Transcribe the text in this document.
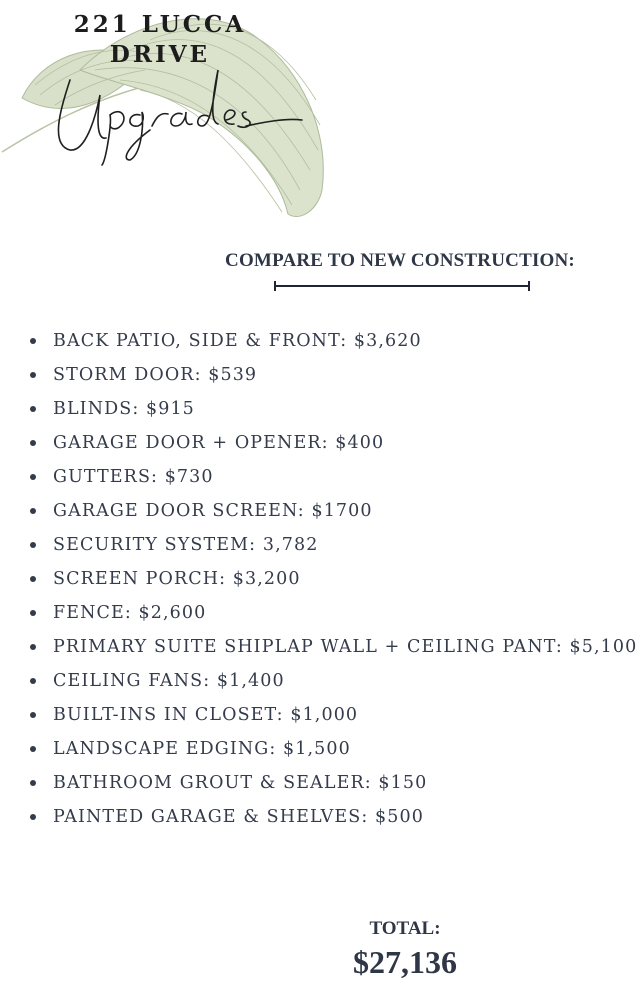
221 LUCCA
DRIVE
COMPARE TO NEW CONSTRUCTION:
BACK PATIO, SIDE & FRONT: $3,620
STORM DOOR: $539
BLINDS: $915
GARAGE DOOR + OPENER: $400
GUTTERS: $730
GARAGE DOOR SCREEN: $1700
SECURITY SYSTEM: 3,782
SCREEN PORCH: $3,200
FENCE: $2,600
PRIMARY SUITE SHIPLAP WALL + CEILING PANT: $5,100
CEILING FANS: $1,400
BUILT-INS IN CLOSET: $1,000
LANDSCAPE EDGING: $1,500
BATHROOM GROUT & SEALER: $150
PAINTED GARAGE & SHELVES: $500
TOTAL:
$27,136
